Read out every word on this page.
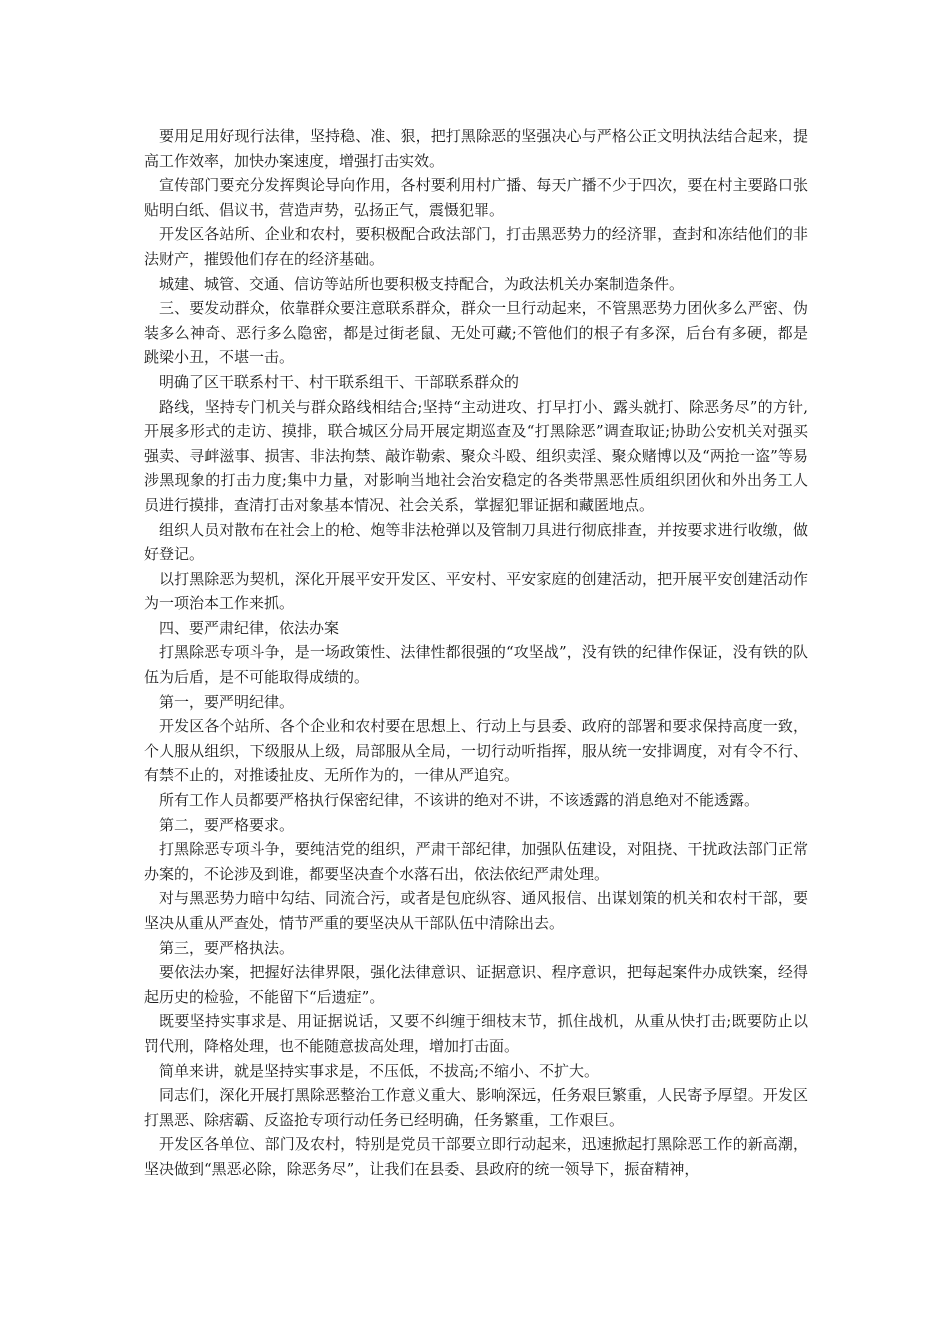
要用足用好现行法律，坚持稳、准、狠，把打黑除恶的坚强决心与严格公正文明执法结合起来，提高工作效率，加快办案速度，增强打击实效。

宣传部门要充分发挥舆论导向作用，各村要利用村广播、每天广播不少于四次，要在村主要路口张贴明白纸、倡议书，营造声势，弘扬正气，震慑犯罪。

开发区各站所、企业和农村，要积极配合政法部门，打击黑恶势力的经济罪，查封和冻结他们的非法财产，摧毁他们存在的经济基础。

城建、城管、交通、信访等站所也要积极支持配合，为政法机关办案制造条件。

三、要发动群众，依靠群众要注意联系群众，群众一旦行动起来，不管黑恶势力团伙多么严密、伪装多么神奇、恶行多么隐密，都是过街老鼠、无处可藏;不管他们的根子有多深，后台有多硬，都是跳梁小丑，不堪一击。

明确了区干联系村干、村干联系组干、干部联系群众的

路线，坚持专门机关与群众路线相结合;坚持“主动进攻、打早打小、露头就打、除恶务尽”的方针,开展多形式的走访、摸排，联合城区分局开展定期巡查及“打黑除恶”调查取证;协助公安机关对强买强卖、寻衅滋事、损害、非法拘禁、敲诈勒索、聚众斗殴、组织卖淫、聚众赌博以及“两抢一盗”等易涉黑现象的打击力度;集中力量，对影响当地社会治安稳定的各类带黑恶性质组织团伙和外出务工人员进行摸排，查清打击对象基本情况、社会关系，掌握犯罪证据和藏匿地点。

组织人员对散布在社会上的枪、炮等非法枪弹以及管制刀具进行彻底排查，并按要求进行收缴，做好登记。

以打黑除恶为契机，深化开展平安开发区、平安村、平安家庭的创建活动，把开展平安创建活动作为一项治本工作来抓。

四、要严肃纪律，依法办案

打黑除恶专项斗争，是一场政策性、法律性都很强的“攻坚战”，没有铁的纪律作保证，没有铁的队伍为后盾，是不可能取得成绩的。

第一，要严明纪律。

开发区各个站所、各个企业和农村要在思想上、行动上与县委、政府的部署和要求保持高度一致，个人服从组织，下级服从上级，局部服从全局，一切行动听指挥，服从统一安排调度，对有令不行、有禁不止的，对推诿扯皮、无所作为的，一律从严追究。

所有工作人员都要严格执行保密纪律，不该讲的绝对不讲，不该透露的消息绝对不能透露。

第二，要严格要求。

打黑除恶专项斗争，要纯洁党的组织，严肃干部纪律，加强队伍建设，对阻挠、干扰政法部门正常办案的，不论涉及到谁，都要坚决查个水落石出，依法依纪严肃处理。

对与黑恶势力暗中勾结、同流合污，或者是包庇纵容、通风报信、出谋划策的机关和农村干部，要坚决从重从严查处，情节严重的要坚决从干部队伍中清除出去。

第三，要严格执法。

要依法办案，把握好法律界限，强化法律意识、证据意识、程序意识，把每起案件办成铁案，经得起历史的检验，不能留下“后遗症”。

既要坚持实事求是、用证据说话，又要不纠缠于细枝末节，抓住战机，从重从快打击;既要防止以罚代刑，降格处理，也不能随意拔高处理，增加打击面。

简单来讲，就是坚持实事求是，不压低，不拔高;不缩小、不扩大。

同志们，深化开展打黑除恶整治工作意义重大、影响深远，任务艰巨繁重，人民寄予厚望。开发区打黑恶、除痞霸、反盗抢专项行动任务已经明确，任务繁重，工作艰巨。

开发区各单位、部门及农村，特别是党员干部要立即行动起来，迅速掀起打黑除恶工作的新高潮，坚决做到“黑恶必除，除恶务尽”，让我们在县委、县政府的统一领导下，振奋精神，
